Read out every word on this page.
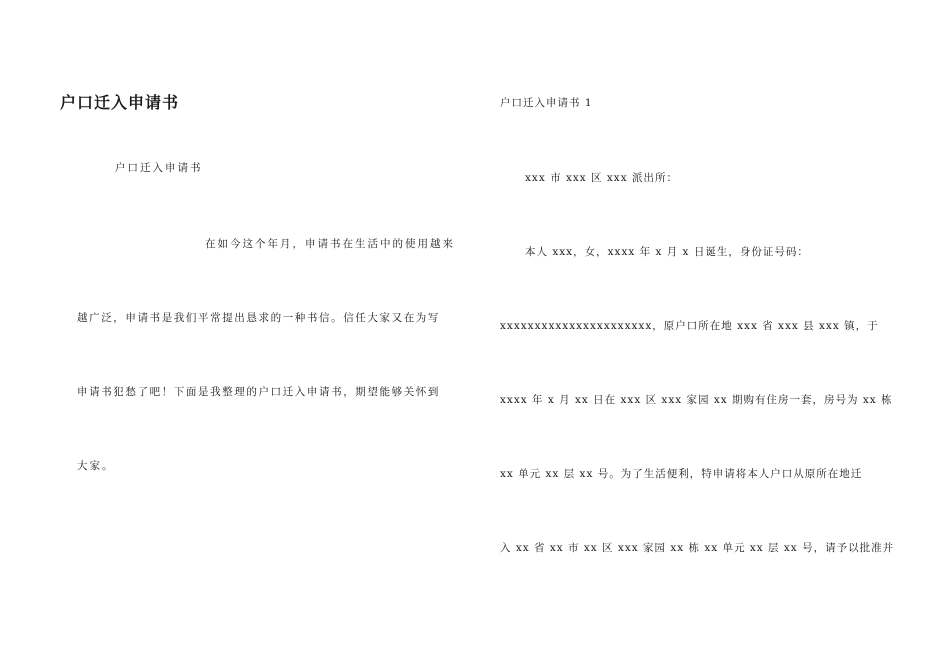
户口迁入申请书
户口迁入申请书
在如今这个年月，申请书在生活中的使用越来
越广泛，申请书是我们平常提出恳求的一种书信。信任大家又在为写
申请书犯愁了吧！下面是我整理的户口迁入申请书，期望能够关怀到
大家。
户口迁入申请书 1
xxx 市 xxx 区 xxx 派出所：
本人 xxx，女，xxxx 年 x 月 x 日诞生，身份证号码：
xxxxxxxxxxxxxxxxxxxxxx，原户口所在地 xxx 省 xxx 县 xxx 镇，于
xxxx 年 x 月 xx 日在 xxx 区 xxx 家园 xx 期购有住房一套，房号为 xx 栋
xx 单元 xx 层 xx 号。为了生活便利，特申请将本人户口从原所在地迁
入 xx 省 xx 市 xx 区 xxx 家园 xx 栋 xx 单元 xx 层 xx 号，请予以批准并
